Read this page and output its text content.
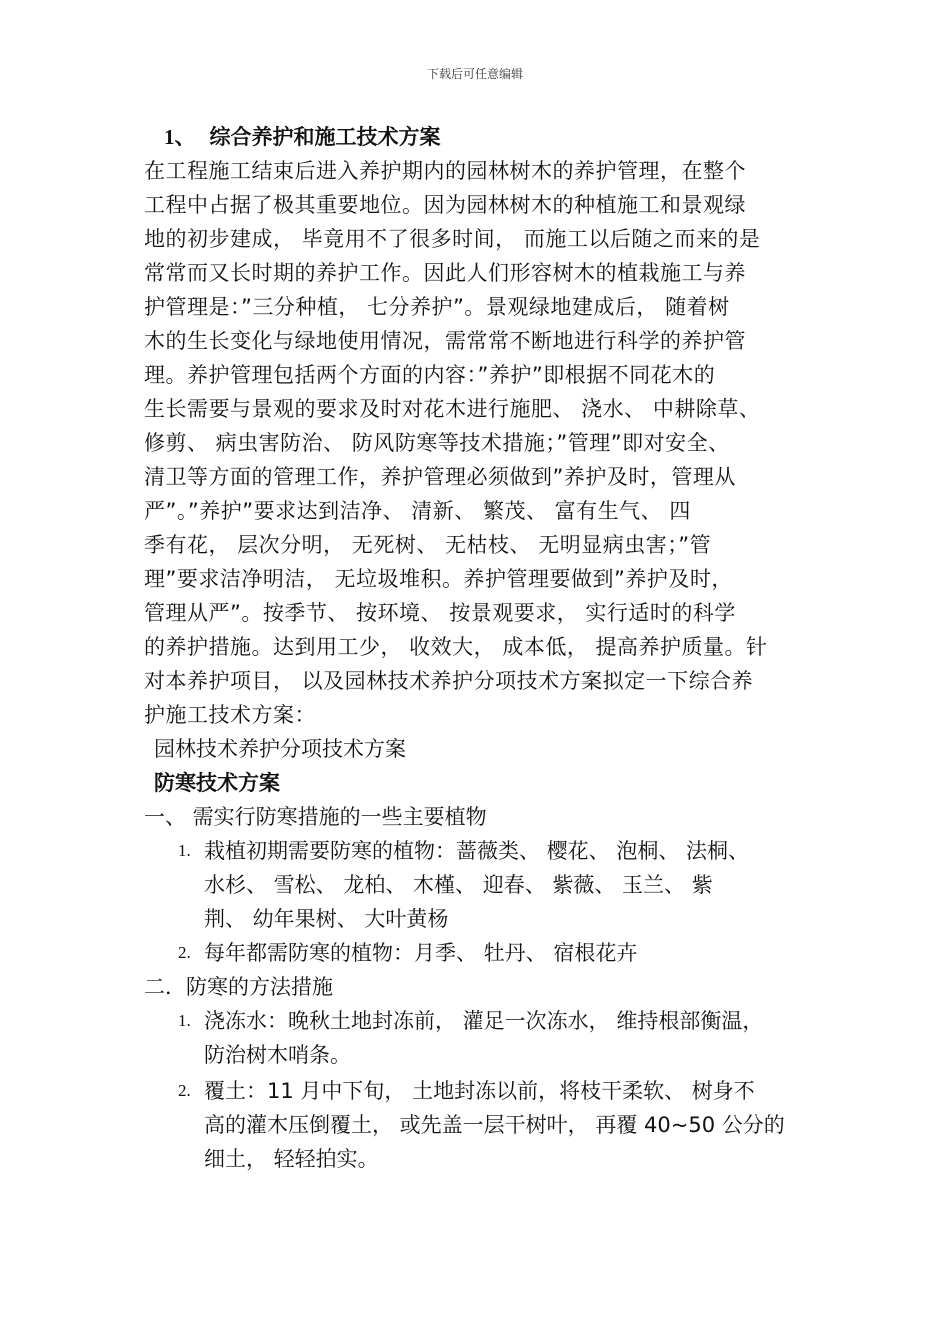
下载后可任意编辑
1、 综合养护和施工技术方案
在工程施工结束后进入养护期内的园林树木的养护管理，在整个
工程中占据了极其重要地位。因为园林树木的种植施工和景观绿
地的初步建成， 毕竟用不了很多时间， 而施工以后随之而来的是
常常而又长时期的养护工作。因此人们形容树木的植栽施工与养
护管理是：”三分种植， 七分养护”。景观绿地建成后， 随着树
木的生长变化与绿地使用情况，需常常不断地进行科学的养护管
理。养护管理包括两个方面的内容：”养护”即根据不同花木的
生长需要与景观的要求及时对花木进行施肥、 浇水、 中耕除草、
修剪、 病虫害防治、 防风防寒等技术措施；”管理”即对安全、
清卫等方面的管理工作，养护管理必须做到”养护及时，管理从
严”。”养护”要求达到洁净、 清新、 繁茂、 富有生气、 四
季有花， 层次分明， 无死树、 无枯枝、 无明显病虫害；”管
理”要求洁净明洁， 无垃圾堆积。养护管理要做到”养护及时，
管理从严”。按季节、 按环境、 按景观要求， 实行适时的科学
的养护措施。达到用工少， 收效大， 成本低， 提高养护质量。针
对本养护项目， 以及园林技术养护分项技术方案拟定一下综合养
护施工技术方案：
园林技术养护分项技术方案
防寒技术方案
一、 需实行防寒措施的一些主要植物
1. 栽植初期需要防寒的植物：蔷薇类、 樱花、 泡桐、 法桐、
水杉、 雪松、 龙柏、 木槿、 迎春、 紫薇、 玉兰、 紫
荆、 幼年果树、 大叶黄杨
2. 每年都需防寒的植物：月季、 牡丹、 宿根花卉
二．防寒的方法措施
1. 浇冻水：晚秋土地封冻前， 灌足一次冻水， 维持根部衡温，
防治树木哨条。
2. 覆土：11 月中下旬， 土地封冻以前，将枝干柔软、 树身不
高的灌木压倒覆土， 或先盖一层干树叶， 再覆 40~50 公分的
细土， 轻轻拍实。
